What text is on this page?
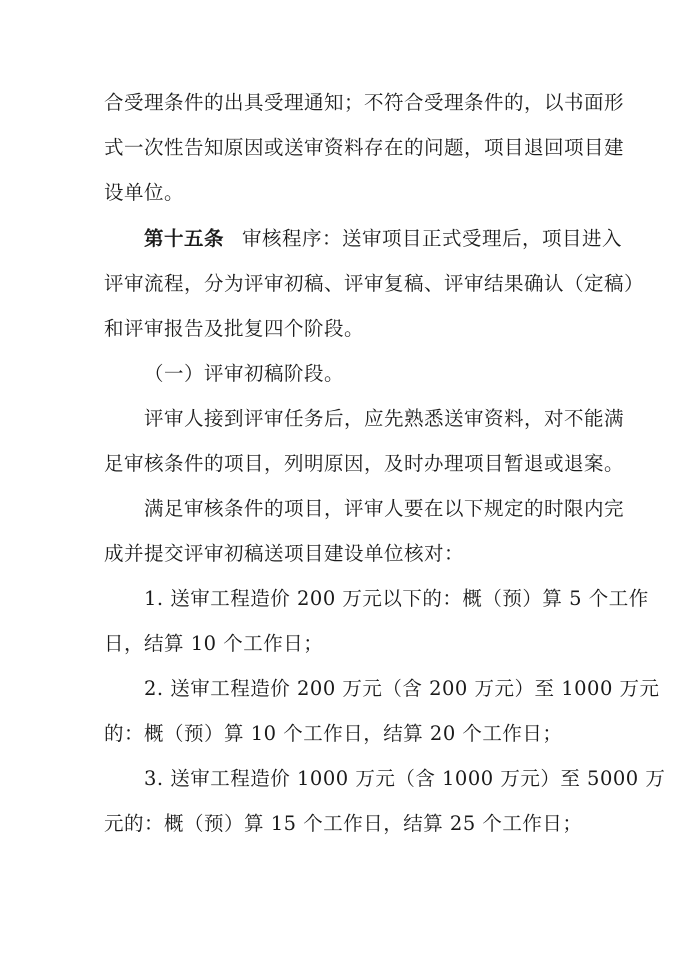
合受理条件的出具受理通知；不符合受理条件的，以书面形
式一次性告知原因或送审资料存在的问题，项目退回项目建
设单位。
第十五条 审核程序：送审项目正式受理后，项目进入
评审流程，分为评审初稿、评审复稿、评审结果确认（定稿）
和评审报告及批复四个阶段。
（一）评审初稿阶段。
评审人接到评审任务后，应先熟悉送审资料，对不能满
足审核条件的项目，列明原因，及时办理项目暂退或退案。
满足审核条件的项目，评审人要在以下规定的时限内完
成并提交评审初稿送项目建设单位核对：
1. 送审工程造价 200 万元以下的：概（预）算 5 个工作
日，结算 10 个工作日；
2. 送审工程造价 200 万元（含 200 万元）至 1000 万元
的：概（预）算 10 个工作日，结算 20 个工作日；
3. 送审工程造价 1000 万元（含 1000 万元）至 5000 万
元的：概（预）算 15 个工作日，结算 25 个工作日；
